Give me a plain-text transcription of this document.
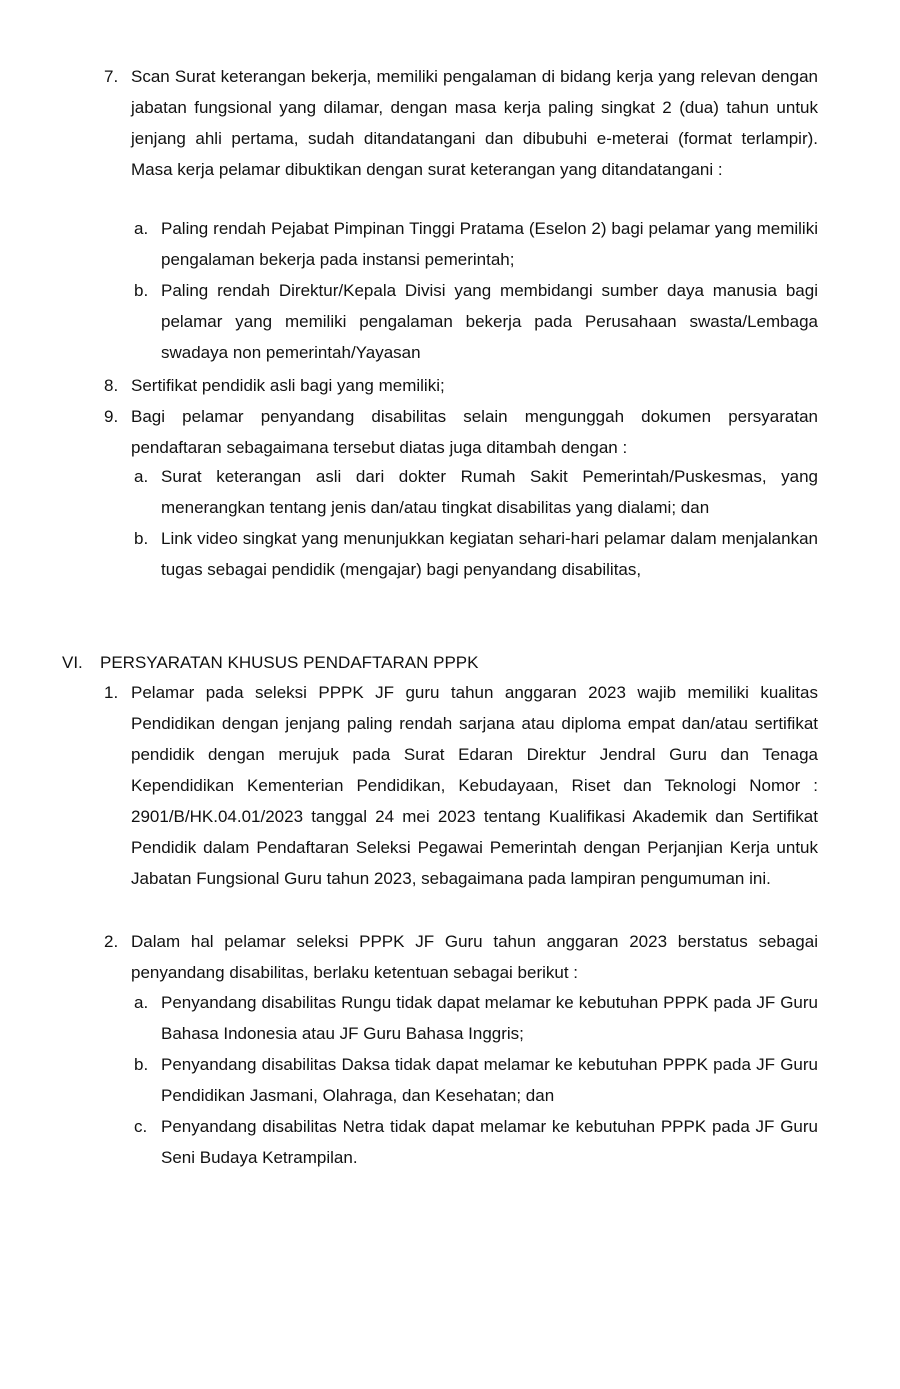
7. Scan Surat keterangan bekerja, memiliki pengalaman di bidang kerja yang relevan dengan jabatan fungsional yang dilamar, dengan masa kerja paling singkat 2 (dua) tahun untuk jenjang ahli pertama, sudah ditandatangani dan dibubuhi e-meterai (format terlampir). Masa kerja pelamar dibuktikan dengan surat keterangan yang ditandatangani :
a. Paling rendah Pejabat Pimpinan Tinggi Pratama (Eselon 2) bagi pelamar yang memiliki pengalaman bekerja pada instansi pemerintah;
b. Paling rendah Direktur/Kepala Divisi yang membidangi sumber daya manusia bagi pelamar yang memiliki pengalaman bekerja pada Perusahaan swasta/Lembaga swadaya non pemerintah/Yayasan
8. Sertifikat pendidik asli bagi yang memiliki;
9. Bagi pelamar penyandang disabilitas selain mengunggah dokumen persyaratan pendaftaran sebagaimana tersebut diatas juga ditambah dengan :
a. Surat keterangan asli dari dokter Rumah Sakit Pemerintah/Puskesmas, yang menerangkan tentang jenis dan/atau tingkat disabilitas yang dialami; dan
b. Link video singkat yang menunjukkan kegiatan sehari-hari pelamar dalam menjalankan tugas sebagai pendidik (mengajar) bagi penyandang disabilitas,
VI. PERSYARATAN KHUSUS PENDAFTARAN PPPK
1. Pelamar pada seleksi PPPK JF guru tahun anggaran 2023 wajib memiliki kualitas Pendidikan dengan jenjang paling rendah sarjana atau diploma empat dan/atau sertifikat pendidik dengan merujuk pada Surat Edaran Direktur Jendral Guru dan Tenaga Kependidikan Kementerian Pendidikan, Kebudayaan, Riset dan Teknologi Nomor : 2901/B/HK.04.01/2023 tanggal 24 mei 2023 tentang Kualifikasi Akademik dan Sertifikat Pendidik dalam Pendaftaran Seleksi Pegawai Pemerintah dengan Perjanjian Kerja untuk Jabatan Fungsional Guru tahun 2023, sebagaimana pada lampiran pengumuman ini.
2. Dalam hal pelamar seleksi PPPK JF Guru tahun anggaran 2023 berstatus sebagai penyandang disabilitas, berlaku ketentuan sebagai berikut :
a. Penyandang disabilitas Rungu tidak dapat melamar ke kebutuhan PPPK pada JF Guru Bahasa Indonesia atau JF Guru Bahasa Inggris;
b. Penyandang disabilitas Daksa tidak dapat melamar ke kebutuhan PPPK pada JF Guru Pendidikan Jasmani, Olahraga, dan Kesehatan; dan
c. Penyandang disabilitas Netra tidak dapat melamar ke kebutuhan PPPK pada JF Guru Seni Budaya Ketrampilan.
